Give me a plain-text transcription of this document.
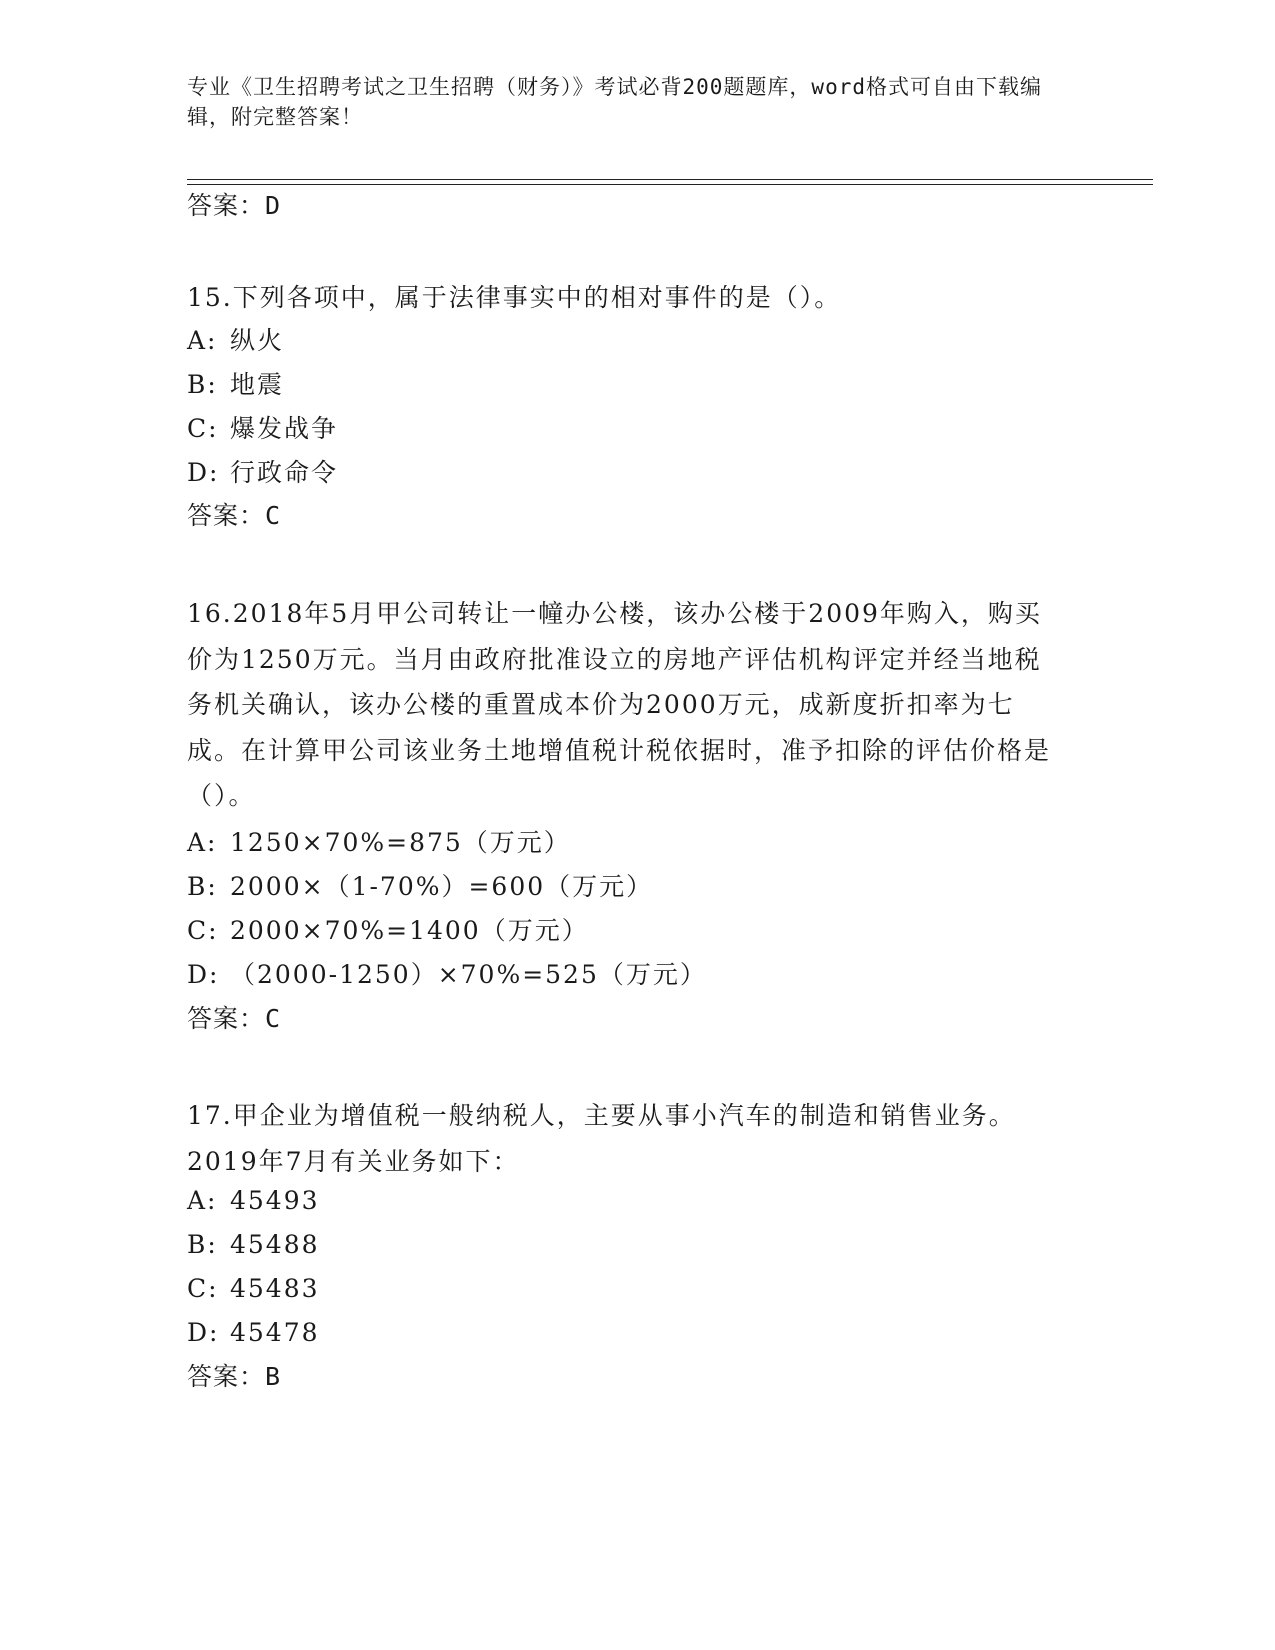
专业《卫生招聘考试之卫生招聘（财务）》考试必背200题题库，word格式可自由下载编辑，附完整答案！
答案：D
15.下列各项中，属于法律事实中的相对事件的是（）。
A: 纵火
B: 地震
C: 爆发战争
D: 行政命令
答案：C
16.2018年5月甲公司转让一幢办公楼，该办公楼于2009年购入，购买价为1250万元。当月由政府批准设立的房地产评估机构评定并经当地税务机关确认，该办公楼的重置成本价为2000万元，成新度折扣率为七成。在计算甲公司该业务土地增值税计税依据时，准予扣除的评估价格是（）。
A: 1250×70%=875（万元）
B: 2000×（1-70%）=600（万元）
C: 2000×70%=1400（万元）
D: （2000-1250）×70%=525（万元）
答案：C
17.甲企业为增值税一般纳税人，主要从事小汽车的制造和销售业务。2019年7月有关业务如下：
A: 45493
B: 45488
C: 45483
D: 45478
答案：B
